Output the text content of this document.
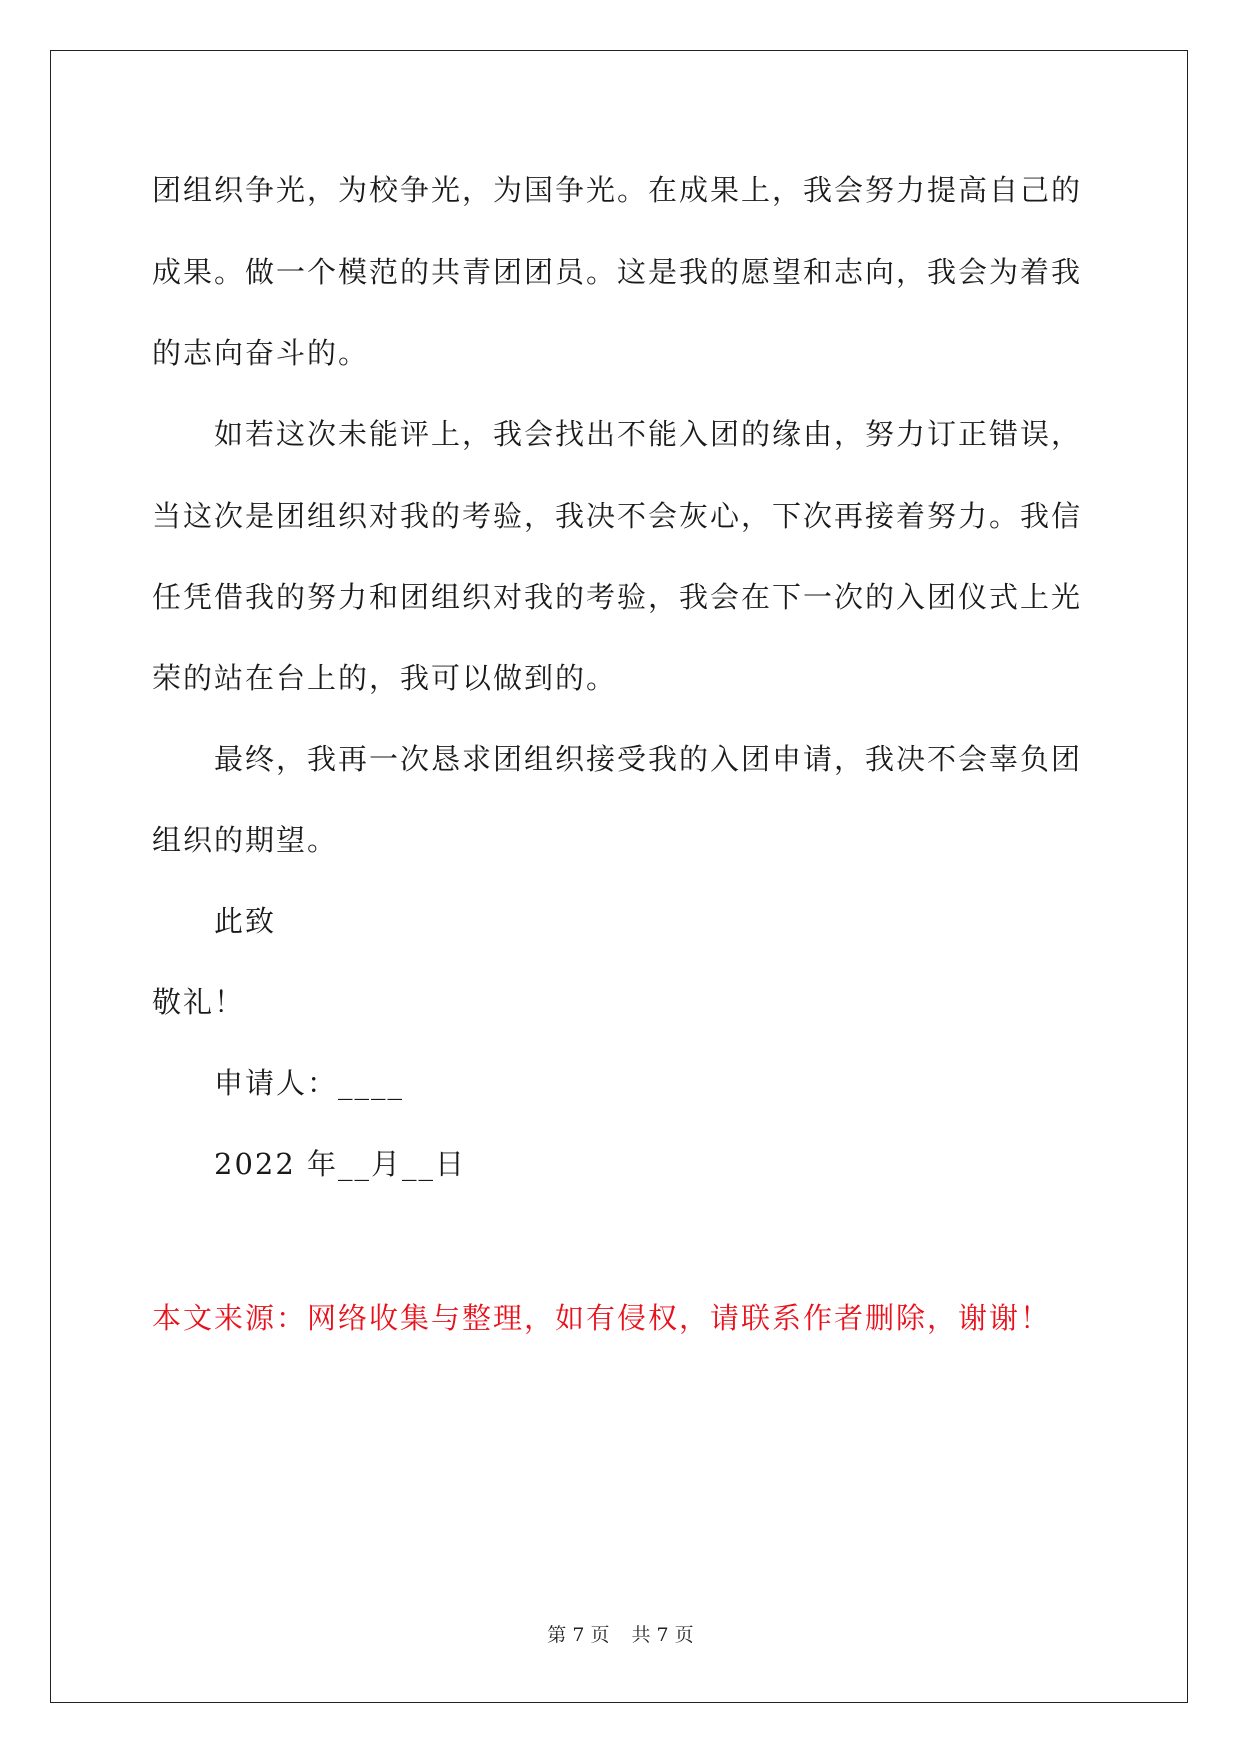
团组织争光，为校争光，为国争光。在成果上，我会努力提高自己的
成果。做一个模范的共青团团员。这是我的愿望和志向，我会为着我
的志向奋斗的。
如若这次未能评上，我会找出不能入团的缘由，努力订正错误，
当这次是团组织对我的考验，我决不会灰心，下次再接着努力。我信
任凭借我的努力和团组织对我的考验，我会在下一次的入团仪式上光
荣的站在台上的，我可以做到的。
最终，我再一次恳求团组织接受我的入团申请，我决不会辜负团
组织的期望。
此致
敬礼！
申请人：____
2022 年__月__日
本文来源：网络收集与整理，如有侵权，请联系作者删除，谢谢！
第 7 页 共 7 页
